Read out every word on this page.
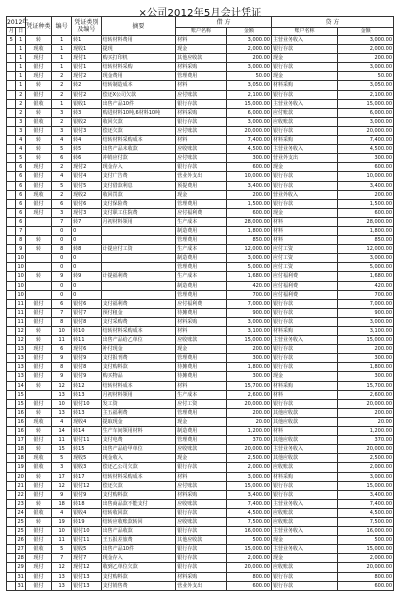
×公司2012年5月会计凭证
2012年		凭证种类	编号	凭证类别
及编号	摘要	借 方		贷 方	
月	日					账户名称	金额	账户名称	金额
5	1	转	1	转1	结转材料费用	材料	3,000.00	主营业务收入	3,000.00
	1	现收	1	现收1	提现	现金	2,000.00	银行存款	2,000.00
	1	现付	1	现付1	购买打印机	其他应收款	200.00	现金	200.00
	1	银付	1	银付1	结转材料采购	材料采购	3,000.00	银行存款	3,000.00
	1	现付	2	现付2	现金费用	管理费用	50.00	现金	50.00
	1	转	2	转2	结转制造成本	材料	3,050.00	材料采购	3,050.00
	2	银付	2	银付2	偿还X公司欠款	应付账款	2,100.00	银行存款	2,100.00
	2	银收	1	银收1	出售产品10件	银行存款	15,000.00	主营业务收入	15,000.00
	2	转	3	转3	购进材料10吨,6材料10吨	材料采购	6,000.00	应付账款	6,000.00
	3	银收	2	银收2	收回欠款	银行存款	3,000.00	应收账款	3,000.00
	3	银付	3	银付3	偿还欠款	应付账款	20,000.00	银行存款	20,000.00
	4	转	4	转4	结转材料采购成本	材料	7,400.00	材料采购	7,400.00
	4	转	5	转5	出售产品未收款	应收账款	4,500.00	主营业务收入	4,500.00
	5	转	6	转6	冲销应付款	应付账款	300.00	营业外支出	300.00
	6	现付	2	现付2	现金存入	银行存款	600.00	现金	600.00
	6	银付	4	银付4	支付广告费	营业外支出	10,000.00	银行存款	10,000.00
	6	银付	5	银付5	支付借款利息	预提费用	3,400.00	银行存款	3,400.00
	6	现收	2	现收2	收回罚款	现金	200.00	营业外收入	200.00
	6	银付	6	银付6	支付保险费	管理费用	1,500.00	银行存款	1,500.00
	6	现付	3	现付3	支付职工住院费	应付福利费	600.00	现金	600.00
	6		7	转7	月初材料领用	生产成本	28,000.00	材料	28,000.00
	7		0	0		制造费用	1,800.00	材料	1,800.00
	8	转	0	0		管理费用	850.00	材料	850.00
	9	转	8	转8	计提应付工资	生产成本	12,000.00	应付工资	12,000.00
	10		0	0		制造费用	3,000.00	应付工资	3,000.00
	10		0	0		管理费用	5,000.00	应付工资	5,000.00
	10	转	9	转9	计提福利费	生产成本	1,680.00	应付福利费	1,680.00
	10		0	0		制造费用	420.00	应付福利费	420.00
	10		0	0		管理费用	700.00	应付福利费	700.00
	11	银付	6	银付6	支付福利费	应付福利费	7,000.00	银行存款	7,000.00
	11	银付	7	银付7	预付租金	待摊费用	900.00	银行存款	900.00
	11	银付	8	银付8	支付采购费	材料采购	3,000.00	银行存款	3,000.00
	12	转	10	转10	结转材料采购成本	材料	3,100.00	材料采购	3,100.00
	12	转	11	转11	出售产品给乙单位	应收账款	15,000.00	主营业务收入	15,000.00
	13	现付	6	现付6	补付现金	现金	200.00	银行存款	200.00
	13	银付	9	银付9	支付报刊费	管理费用	300.00	银行存款	300.00
	13	银付	8	银付8	支付购料款	待摊费用	1,800.00	银行存款	1,800.00
	13	银付	9	银付9	购买物品	待摊费用	300.00	现金	300.00
	14	转	12	转12	结转材料成本	材料	15,700.00	材料采购	15,700.00
	15		13	转13	月初材料领用	生产成本	2,600.00	材料	2,600.00
	15	银付	10	银付10	发工资	应付工资	20,000.00	银行存款	20,000.00
	16	转	13	转13	主五福利费	管理费用	200.00	其他应收款	200.00
	16	现收	4	现收4	提取现金	现金	20.00	其他应收款	20.00
	16	转	14	转14	生产车间领用材料	制造费用	1,200.00	材料	1,200.00
	17	银付	11	银付11	支付电费	管理费用	370.00	其他应收款	370.00
	18	转	15	转15	出售产品给甲单位	应收账款	20,000.00	主营业务收入	20,000.00
	18	现收	5	现收5	现金收入	现金	2,500.00	其他应收款	2,500.00
	19	银收	3	银收3	偿还乙公司欠款	银行存款	2,000.00	应收账款	2,000.00
	20	转	17	转17	结转材料采购成本	材料	3,000.00	材料采购	3,000.00
	21	银付	12	银付12	偿还欠款	应付账款	15,000.00	银行存款	15,000.00
	22	银付	9	银付9	支付购料款	材料采购	3,400.00	银行存款	3,400.00
	23	转	18	转18	出售商品款不能支付	应收账款	7,400.00	主营业务收入	7,400.00
	24	银收	4	银收4	结转收回款	银行存款	4,500.00	应收账款	4,500.00
	25	转	19	转19	结转应收账款转回	应收账款	7,500.00	应收账款	7,500.00
	25	银付	10	银付10	出售产品收款	银行存款	16,000.00	主营业务收入	16,000.00
	26	银付	11	银付11	王五报差旅费	其他应收款	500.00	现金	500.00
	27	银收	5	银收5	出售产品10件	银行存款	15,000.00	主营业务收入	15,000.00
	28	现付	7	现付7	现金存入	银行存款	2,000.00	现金	2,000.00
	29	现付	12	现付12	收到乙单位欠款	银行存款	20,000.00	应收账款	20,000.00
	31	银付	13	银付13	支付购料款	材料采购	800.00	银行存款	800.00
	31	银付	13	银付13	支付销售费	营业外支出	600.00	银行存款	600.00
